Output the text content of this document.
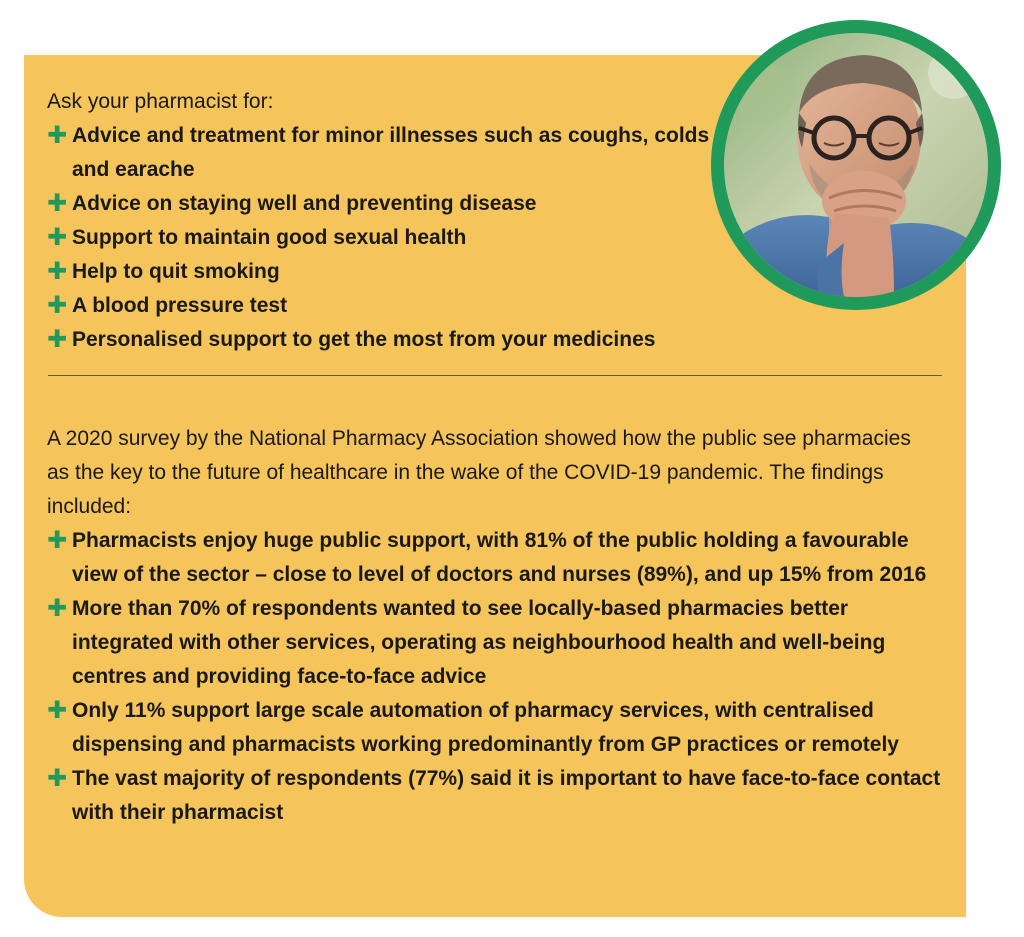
Ask your pharmacist for:

✚ Advice and treatment for minor illnesses such as coughs, colds and earache
✚ Advice on staying well and preventing disease
✚ Support to maintain good sexual health
✚ Help to quit smoking
✚ A blood pressure test
✚ Personalised support to get the most from your medicines

A 2020 survey by the National Pharmacy Association showed how the public see pharmacies as the key to the future of healthcare in the wake of the COVID-19 pandemic. The findings included:

✚ Pharmacists enjoy huge public support, with 81% of the public holding a favourable view of the sector – close to level of doctors and nurses (89%), and up 15% from 2016
✚ More than 70% of respondents wanted to see locally-based pharmacies better integrated with other services, operating as neighbourhood health and well-being centres and providing face-to-face advice
✚ Only 11% support large scale automation of pharmacy services, with centralised dispensing and pharmacists working predominantly from GP practices or remotely
✚ The vast majority of respondents (77%) said it is important to have face-to-face contact with their pharmacist
